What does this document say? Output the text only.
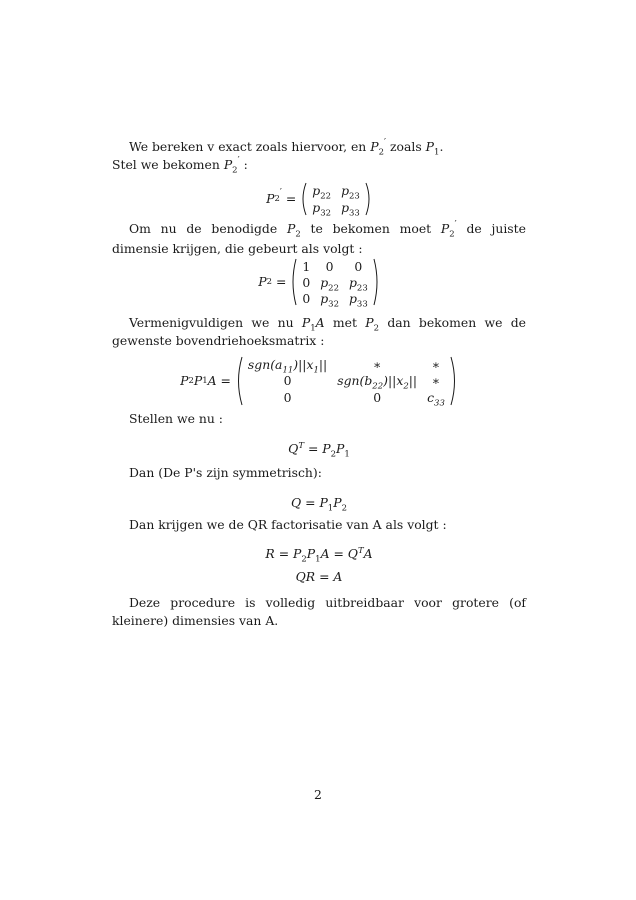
We bereken v exact zoals hiervoor, en $P_2'$ zoals $P_1$.
Stel we bekomen $P_2'$ :
P 2
′ =
$p_{22}$	$p_{23}$
$p_{32}$	$p_{33}$
Om nu de benodigde $P_2$ te bekomen moet $P_2'$ de juiste dimensie krijgen, die gebeurt als volgt :
P 2 =
1	0	0
0	$p_{22}$	$p_{23}$
0	$p_{32}$	$p_{33}$
Vermenigvuldigen we nu $P_1A$ met $P_2$ dan bekomen we de gewenste bovendriehoeksmatrix :
P 2 P 1 A =
$sgn(a_{11})||x_1||$	∗	∗
0	$sgn(b_{22})||x_2||$	∗
0	0	$c_{33}$
Stellen we nu :
$Q^T = P_2P_1$
Dan (De P's zijn symmetrisch):
$Q = P_1P_2$
Dan krijgen we de QR factorisatie van A als volgt :
$R = P_2P_1A = Q^TA$
QR = A
Deze procedure is volledig uitbreidbaar voor grotere (of kleinere) dimensies van A.
2
